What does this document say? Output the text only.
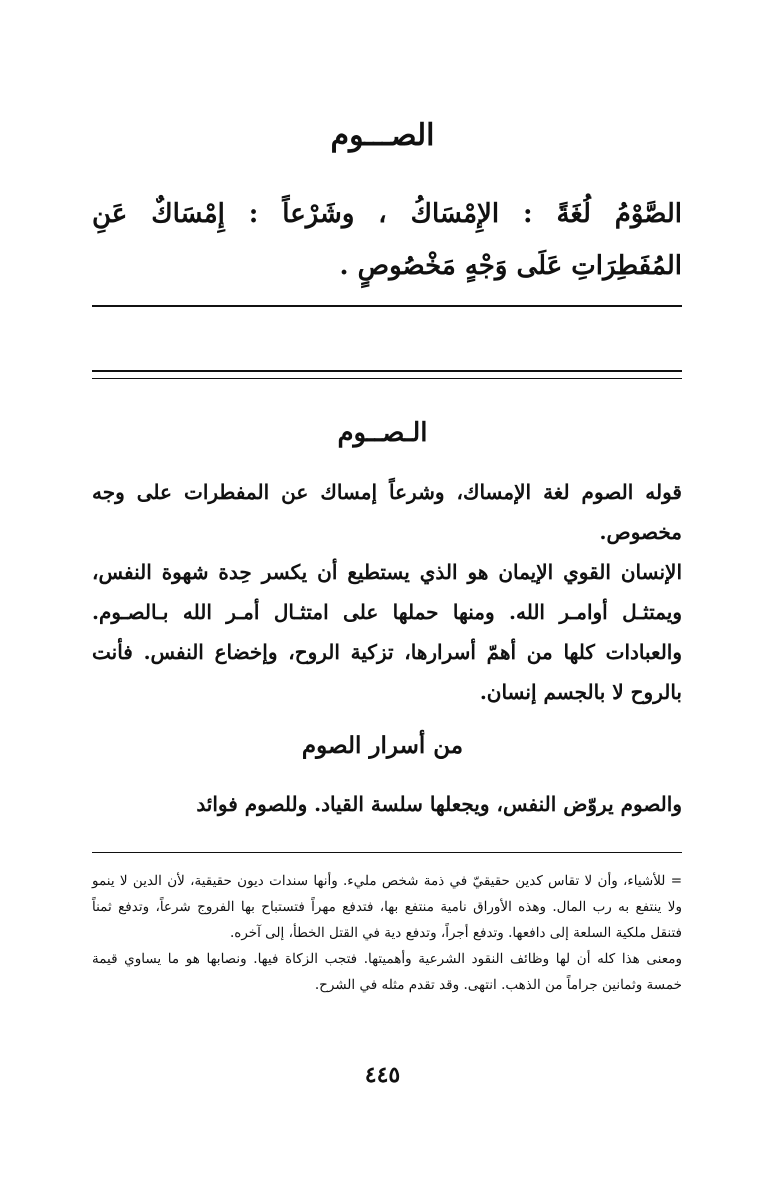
الصـــوم
الصَّوْمُ لُغَةً : الإِمْسَاكُ ، وشَرْعاً : إِمْسَاكٌ عَنِ المُفَطِرَاتِ عَلَى وَجْهٍ مَخْصُوصٍ .
الـصــوم

قوله الصوم لغة الإمساك، وشرعاً إمساك عن المفطرات على وجه مخصوص.

الإنسان القوي الإيمان هو الذي يستطيع أن يكسر حِدة شهوة النفس، ويمتثـل أوامـر الله. ومنها حملها على امتثـال أمـر الله بـالصـوم. والعبادات كلها من أهمّ أسرارها، تزكية الروح، وإخضاع النفس. فأنت بالروح لا بالجسم إنسان.

من أسرار الصوم
والصوم يروّض النفس، ويجعلها سلسة القياد. وللصوم فوائد

= للأشياء، وأن لا تقاس كدين حقيقيّ في ذمة شخص مليء. وأنها سندات ديون حقيقية، لأن الدين لا ينمو ولا ينتفع به رب المال. وهذه الأوراق نامية منتفع بها، فتدفع مهراً فتستباح بها الفروج شرعاً، وتدفع ثمناً فتنقل ملكية السلعة إلى دافعها. وتدفع أجراً، وتدفع دية في القتل الخطأ، إلى آخره.

ومعنى هذا كله أن لها وظائف النقود الشرعية وأهميتها. فتجب الزكاة فيها. ونصابها هو ما يساوي قيمة خمسة وثمانين جراماً من الذهب. انتهى. وقد تقدم مثله في الشرح.

٤٤٥
